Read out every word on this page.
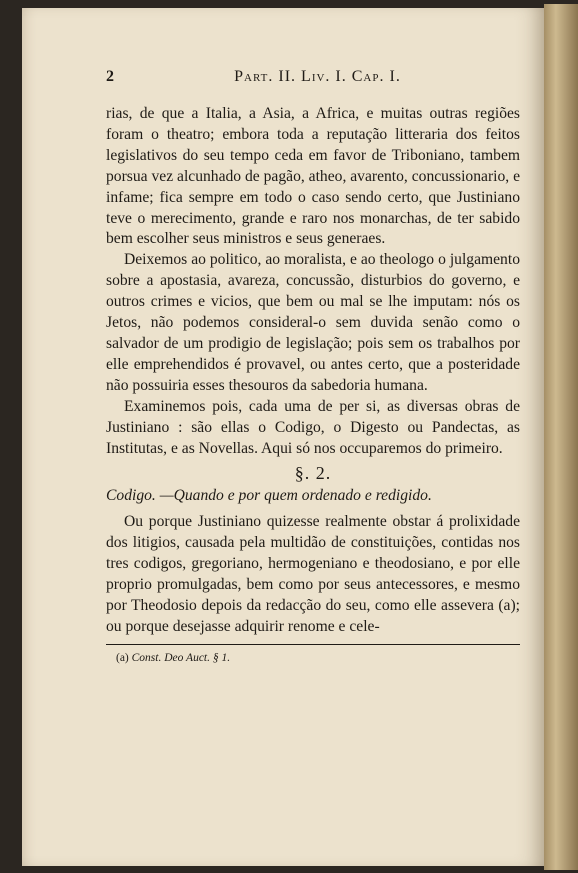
2	Part. II. Liv. I. Cap. I.

rias, de que a Italia, a Asia, a Africa, e muitas outras regiões foram o theatro; embora toda a reputação litteraria dos feitos legislativos do seu tempo ceda em favor de Triboniano, tambem porsua vez alcunhado de pagão, atheo, avarento, concussionario, e infame; fica sempre em todo o caso sendo certo, que Justiniano teve o merecimento, grande e raro nos monarchas, de ter sabido bem escolher seus ministros e seus generaes.

Deixemos ao politico, ao moralista, e ao theologo o julgamento sobre a apostasia, avareza, concussão, disturbios do governo, e outros crimes e vicios, que bem ou mal se lhe imputam: nós os Jetos, não podemos consideral-o sem duvida senão como o salvador de um prodigio de legislação; pois sem os trabalhos por elle emprehendidos é provavel, ou antes certo, que a posteridade não possuiria esses thesouros da sabedoria humana.

Examinemos pois, cada uma de per si, as diversas obras de Justiniano : são ellas o Codigo, o Digesto ou Pandectas, as Institutas, e as Novellas. Aqui só nos occuparemos do primeiro.

§. 2.
Codigo. —Quando e por quem ordenado e redigido.

Ou porque Justiniano quizesse realmente obstar á prolixidade dos litigios, causada pela multidão de constituições, contidas nos tres codigos, gregoriano, hermogeniano e theodosiano, e por elle proprio promulgadas, bem como por seus antecessores, e mesmo por Theodosio depois da redacção do seu, como elle assevera (a); ou porque desejasse adquirir renome e cele-

(a) Const. Deo Auct. § 1.
